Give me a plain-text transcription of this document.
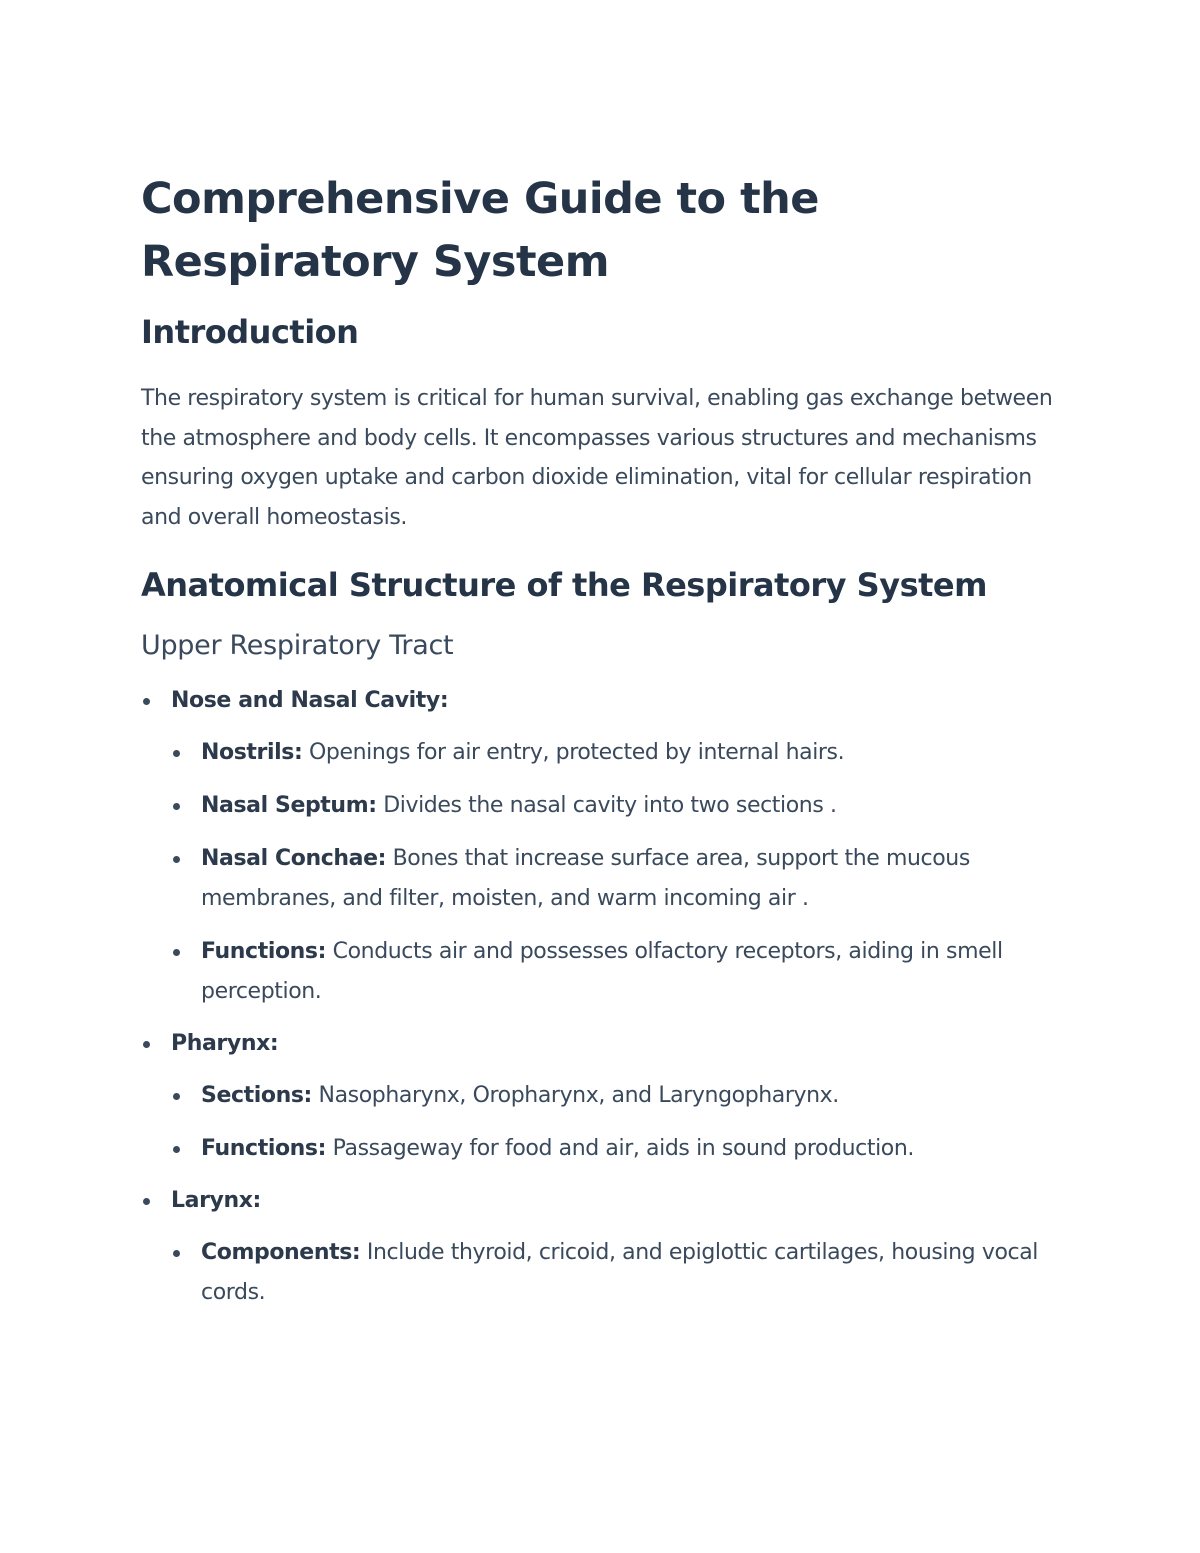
Comprehensive Guide to the Respiratory System
Introduction

The respiratory system is critical for human survival, enabling gas exchange between the atmosphere and body cells. It encompasses various structures and mechanisms ensuring oxygen uptake and carbon dioxide elimination, vital for cellular respiration and overall homeostasis.

Anatomical Structure of the Respiratory System
Upper Respiratory Tract
Nose and Nasal Cavity:
Nostrils: Openings for air entry, protected by internal hairs.
Nasal Septum: Divides the nasal cavity into two sections .
Nasal Conchae: Bones that increase surface area, support the mucous membranes, and filter, moisten, and warm incoming air .
Functions: Conducts air and possesses olfactory receptors, aiding in smell perception.
Pharynx:
Sections: Nasopharynx, Oropharynx, and Laryngopharynx.
Functions: Passageway for food and air, aids in sound production.
Larynx:
Components: Include thyroid, cricoid, and epiglottic cartilages, housing vocal cords.
